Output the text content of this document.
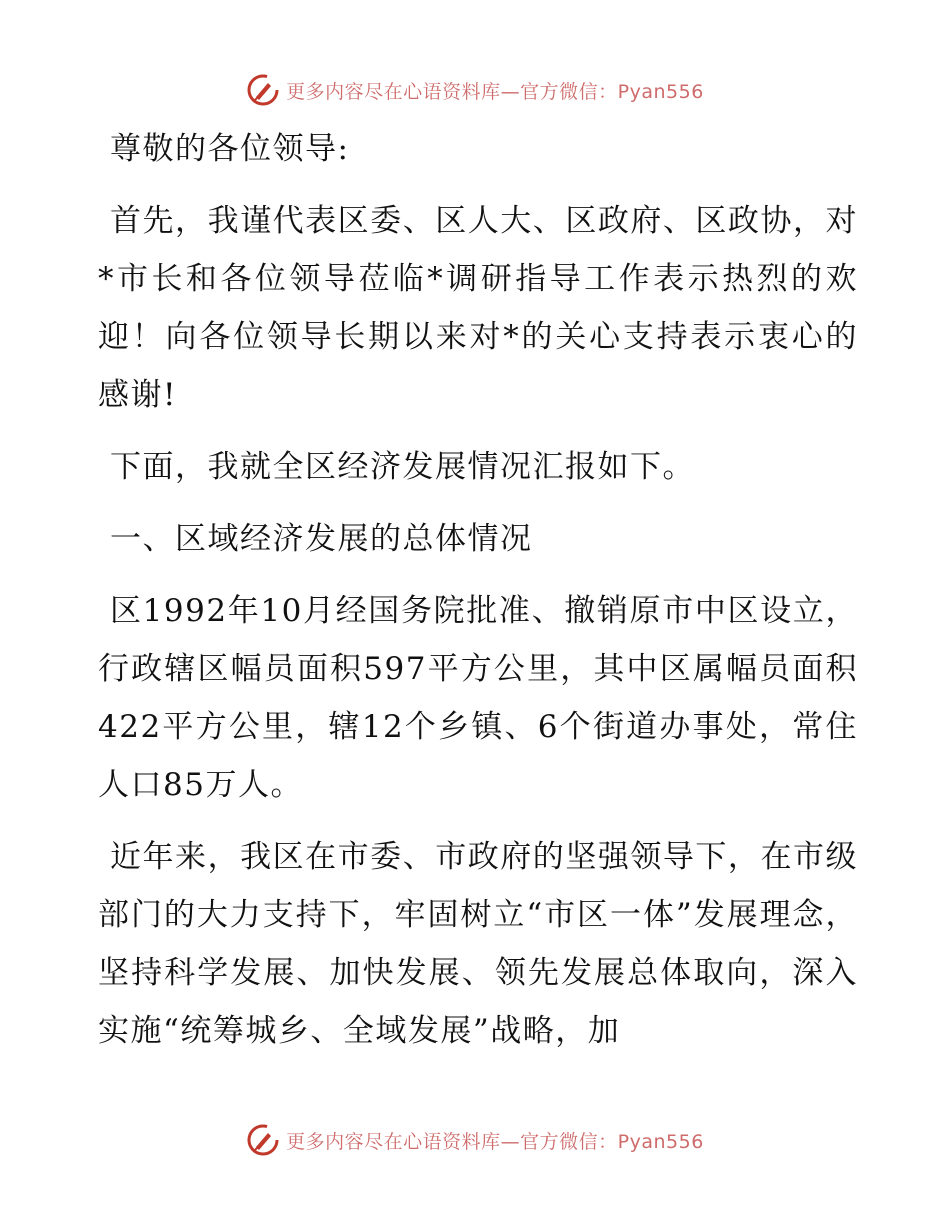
更多内容尽在心语资料库—官方微信：Pyan556

尊敬的各位领导:

首先，我谨代表区委、区人大、区政府、区政协，对*市长和各位领导莅临*调研指导工作表示热烈的欢迎！向各位领导长期以来对*的关心支持表示衷心的感谢!

下面，我就全区经济发展情况汇报如下。

一、区域经济发展的总体情况

区1992年10月经国务院批准、撤销原市中区设立，行政辖区幅员面积597平方公里，其中区属幅员面积422平方公里，辖12个乡镇、6个街道办事处，常住人口85万人。

近年来，我区在市委、市政府的坚强领导下，在市级部门的大力支持下，牢固树立“市区一体”发展理念，坚持科学发展、加快发展、领先发展总体取向，深入实施“统筹城乡、全域发展”战略，加

更多内容尽在心语资料库—官方微信：Pyan556
